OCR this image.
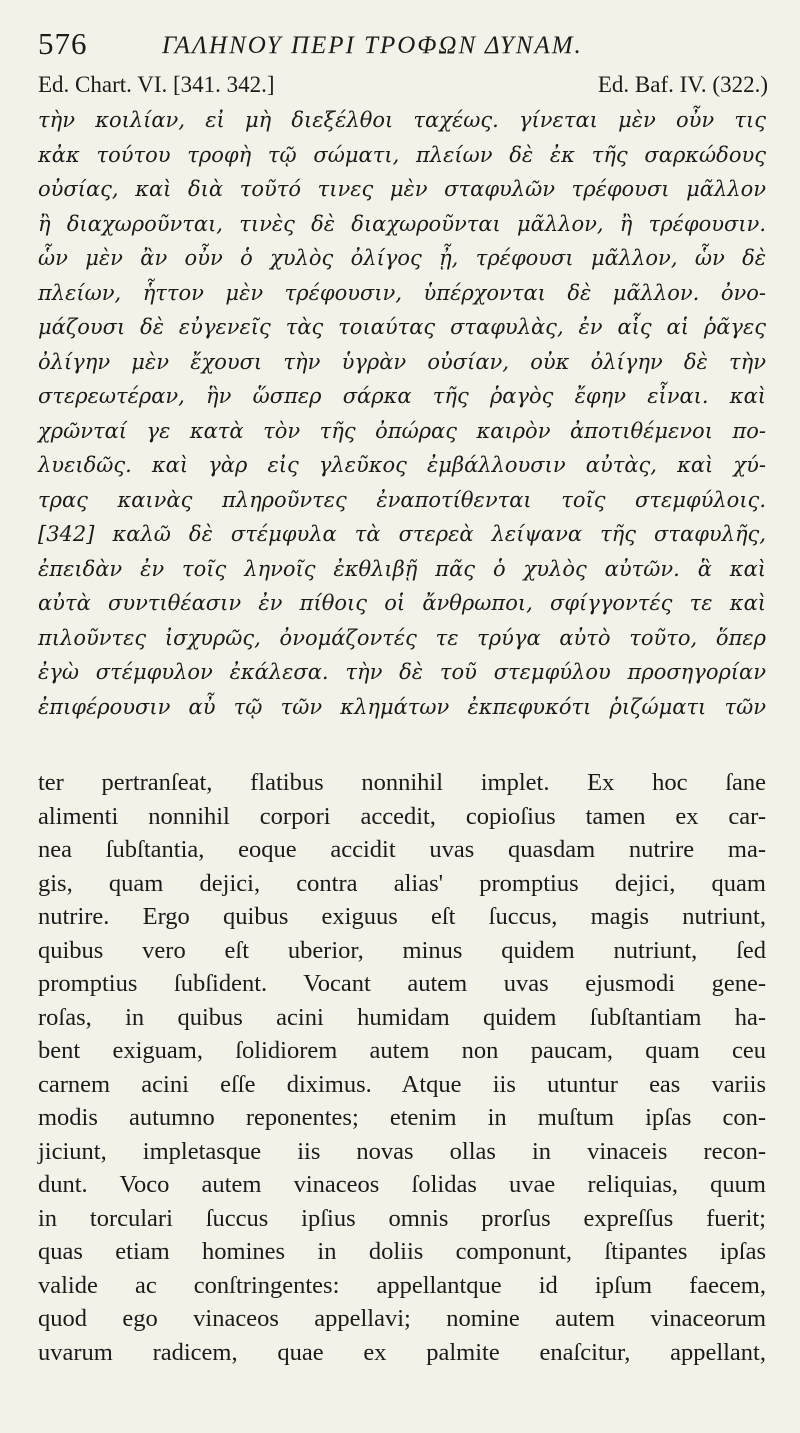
576	ΓΑΛΗΝΟΥ ΠΕΡΙ ΤΡΟΦΩΝ ΔΥΝΑΜ.
Ed. Chart. VI. [341. 342.]	Ed. Baf. IV. (322.)
τὴν κοιλίαν, εἰ μὴ διεξέλθοι ταχέως. γίνεται μὲν οὖν τις
κἀκ τούτου τροφὴ τῷ σώματι, πλείων δὲ ἐκ τῆς σαρκώδους
οὐσίας, καὶ διὰ τοῦτό τινες μὲν σταφυλῶν τρέφουσι μᾶλλον
ἢ διαχωροῦνται, τινὲς δὲ διαχωροῦνται μᾶλλον, ἢ τρέφουσιν.
ὧν μὲν ἂν οὖν ὁ χυλὸς ὀλίγος ᾖ, τρέφουσι μᾶλλον, ὧν δὲ
πλείων, ἧττον μὲν τρέφουσιν, ὑπέρχονται δὲ μᾶλλον. ὀνο-
μάζουσι δὲ εὐγενεῖς τὰς τοιαύτας σταφυλὰς, ἐν αἷς αἱ ῥᾶγες
ὀλίγην μὲν ἔχουσι τὴν ὑγρὰν οὐσίαν, οὐκ ὀλίγην δὲ τὴν
στερεωτέραν, ἣν ὥσπερ σάρκα τῆς ῥαγὸς ἔφην εἶναι. καὶ
χρῶνταί γε κατὰ τὸν τῆς ὀπώρας καιρὸν ἀποτιθέμενοι πο-
λυειδῶς. καὶ γὰρ εἰς γλεῦκος ἐμβάλλουσιν αὐτὰς, καὶ χύ-
τρας καινὰς πληροῦντες ἐναποτίθενται τοῖς στεμφύλοις.
[342] καλῶ δὲ στέμφυλα τὰ στερεὰ λείψανα τῆς σταφυλῆς,
ἐπειδὰν ἐν τοῖς ληνοῖς ἐκθλιβῇ πᾶς ὁ χυλὸς αὐτῶν. ἃ καὶ
αὐτὰ συντιθέασιν ἐν πίθοις οἱ ἄνθρωποι, σφίγγοντές τε καὶ
πιλοῦντες ἰσχυρῶς, ὀνομάζοντές τε τρύγα αὐτὸ τοῦτο, ὅπερ
ἐγὼ στέμφυλον ἐκάλεσα. τὴν δὲ τοῦ στεμφύλου προσηγορίαν
ἐπιφέρουσιν αὖ τῷ τῶν κλημάτων ἐκπεφυκότι ῥιζώματι τῶν
ter pertranſeat, flatibus nonnihil implet. Ex hoc ſane
alimenti nonnihil corpori accedit, copioſius tamen ex car-
nea ſubſtantia, eoque accidit uvas quasdam nutrire ma-
gis, quam dejici, contra alias' promptius dejici, quam
nutrire. Ergo quibus exiguus eſt ſuccus, magis nutriunt,
quibus vero eſt uberior, minus quidem nutriunt, ſed
promptius ſubſident. Vocant autem uvas ejusmodi gene-
roſas, in quibus acini humidam quidem ſubſtantiam ha-
bent exiguam, ſolidiorem autem non paucam, quam ceu
carnem acini eſſe diximus. Atque iis utuntur eas variis
modis autumno reponentes; etenim in muſtum ipſas con-
jiciunt, impletasque iis novas ollas in vinaceis recon-
dunt. Voco autem vinaceos ſolidas uvae reliquias, quum
in torculari ſuccus ipſius omnis prorſus expreſſus fuerit;
quas etiam homines in doliis componunt, ſtipantes ipſas
valide ac conſtringentes: appellantque id ipſum faecem,
quod ego vinaceos appellavi; nomine autem vinaceorum
uvarum radicem, quae ex palmite enaſcitur, appellant,
